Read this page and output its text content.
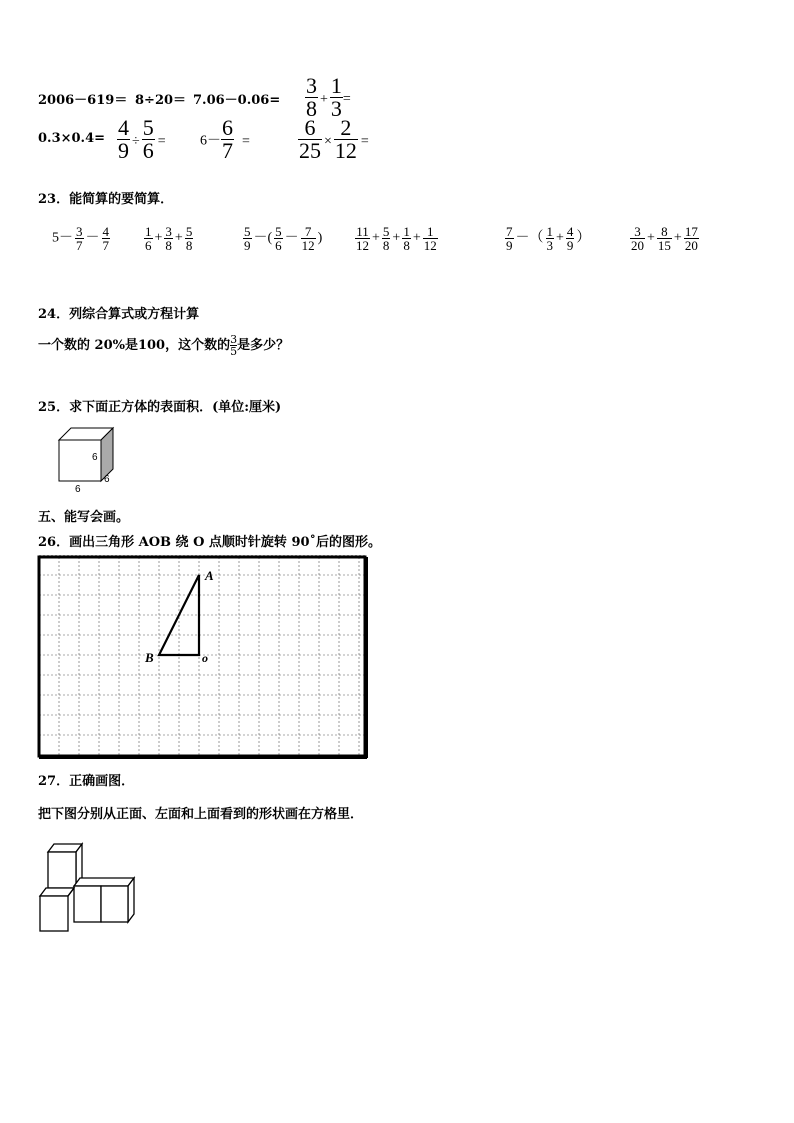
$2006-619= 8\div 20= 7.06-0.06= \frac{3}{8} + \frac{1}{3}$ =
$0.3\times 0.4= \frac{4}{9} \div \frac{5}{6} = 6- \frac{6}{7} = \frac{6}{25} \times \frac{2}{12}$ =
23．能简算的要简算．
$5- \frac{3}{7} - \frac{4}{7}$	$\frac{1}{6} + \frac{3}{8} + \frac{5}{8}$	$\frac{5}{9}$ －( $\frac{5}{6} - \frac{7}{12}$ )	$\frac{11}{12} + \frac{5}{8} + \frac{1}{8} + \frac{1}{12}$	$\frac{7}{9}$ －（ $\frac{1}{3} + \frac{4}{9}$ ）	$\frac{3}{20} + \frac{8}{15} + \frac{17}{20}$
24．列综合算式或方程计算
一个数的 20%是100，这个数的 $\frac{3}{5}$ 是多少？
25．求下面正方体的表面积．(单位:厘米)
6
6
6
五、能写会画。
26．画出三角形 AOB 绕 O 点顺时针旋转 90˚后的图形。
A
B	o
27．正确画图．
把下图分别从正面、左面和上面看到的形状画在方格里．
